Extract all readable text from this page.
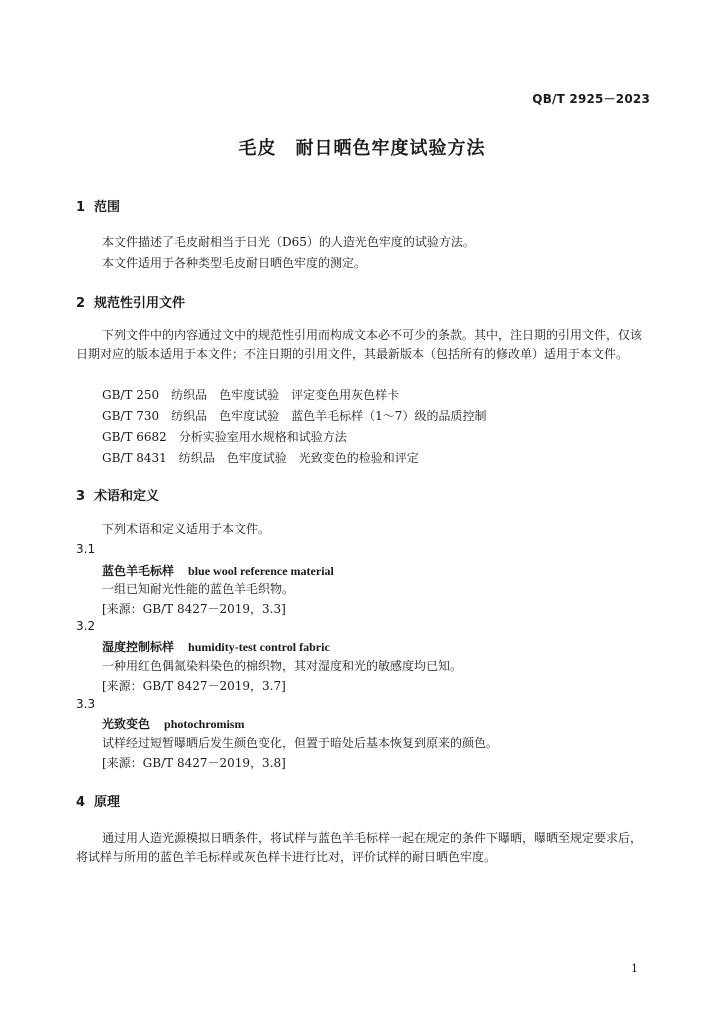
QB/T 2925－2023
毛皮　耐日晒色牢度试验方法
1 范围
本文件描述了毛皮耐相当于日光（D65）的人造光色牢度的试验方法。
本文件适用于各种类型毛皮耐日晒色牢度的测定。
2 规范性引用文件
下列文件中的内容通过文中的规范性引用而构成文本必不可少的条款。其中，注日期的引用文件，仅该日期对应的版本适用于本文件；不注日期的引用文件，其最新版本（包括所有的修改单）适用于本文件。
GB/T 250　纺织品　色牢度试验　评定变色用灰色样卡
GB/T 730　纺织品　色牢度试验　蓝色羊毛标样（1～7）级的品质控制
GB/T 6682　分析实验室用水规格和试验方法
GB/T 8431　纺织品　色牢度试验　光致变色的检验和评定
3 术语和定义
下列术语和定义适用于本文件。
3.1
蓝色羊毛标样 blue wool reference material
一组已知耐光性能的蓝色羊毛织物。
[来源：GB/T 8427－2019，3.3]
3.2
湿度控制标样 humidity-test control fabric
一种用红色偶氮染料染色的棉织物，其对湿度和光的敏感度均已知。
[来源：GB/T 8427－2019，3.7]
3.3
光致变色 photochromism
试样经过短暂曝晒后发生颜色变化，但置于暗处后基本恢复到原来的颜色。
[来源：GB/T 8427－2019，3.8]
4 原理
通过用人造光源模拟日晒条件，将试样与蓝色羊毛标样一起在规定的条件下曝晒，曝晒至规定要求后，将试样与所用的蓝色羊毛标样或灰色样卡进行比对，评价试样的耐日晒色牢度。
1
